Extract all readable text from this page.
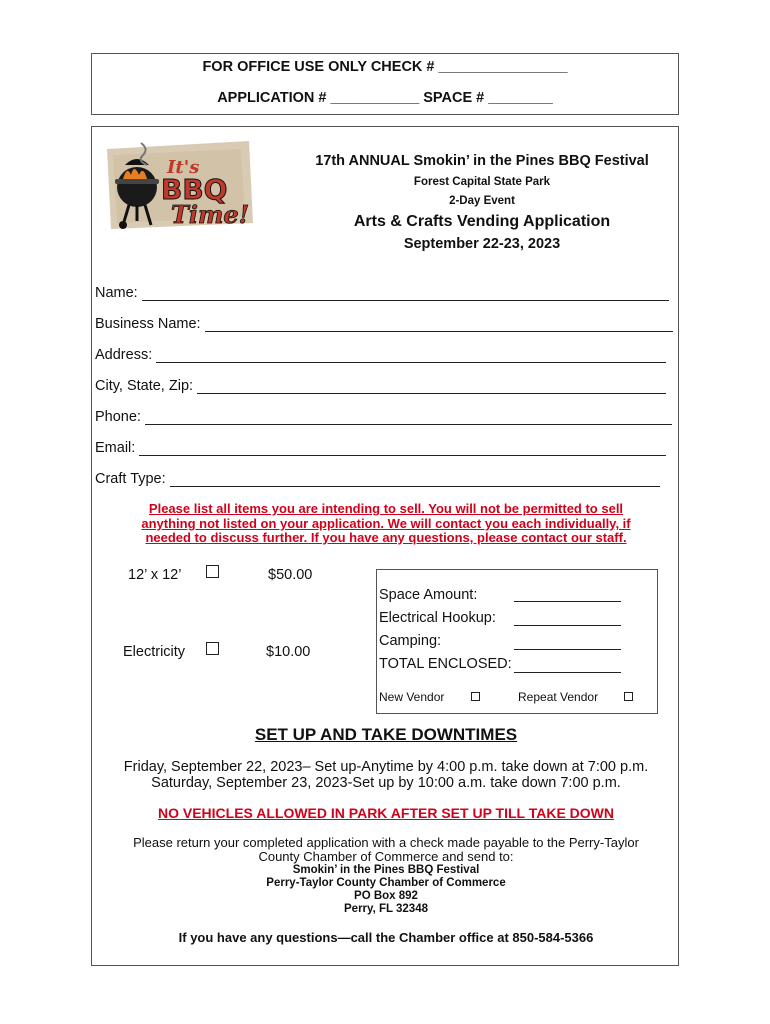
FOR OFFICE USE ONLY CHECK # ________________
APPLICATION # ___________ SPACE # ________
It's
BBQ
Time!
17th ANNUAL Smokin’ in the Pines BBQ Festival
Forest Capital State Park
2-Day Event
Arts & Crafts Vending Application
September 22-23, 2023
Name:
Business Name:
Address:
City, State, Zip:
Phone:
Email:
Craft Type:
Please list all items you are intending to sell. You will not be permitted to sell
anything not listed on your application. We will contact you each individually, if
needed to discuss further. If you have any questions, please contact our staff.
12’ x 12’	$50.00
Electricity	$10.00
Space Amount:
Electrical Hookup:
Camping:
TOTAL ENCLOSED:
New Vendor	Repeat Vendor
SET UP AND TAKE DOWNTIMES
Friday, September 22, 2023– Set up-Anytime by 4:00 p.m. take down at 7:00 p.m.
Saturday, September 23, 2023-Set up by 10:00 a.m. take down 7:00 p.m.
NO VEHICLES ALLOWED IN PARK AFTER SET UP TILL TAKE DOWN
Please return your completed application with a check made payable to the Perry-Taylor
County Chamber of Commerce and send to:
Smokin’ in the Pines BBQ Festival
Perry-Taylor County Chamber of Commerce
PO Box 892
Perry, FL 32348
If you have any questions—call the Chamber office at 850-584-5366
